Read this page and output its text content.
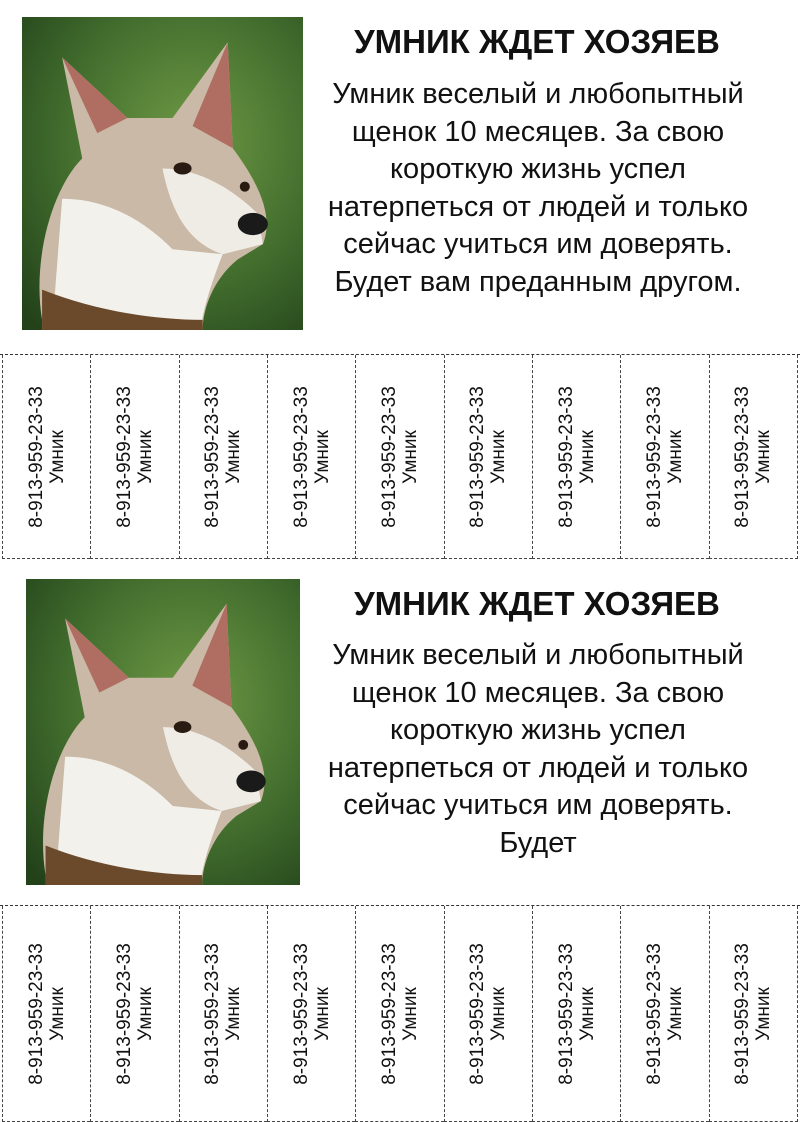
УМНИК ЖДЕТ ХОЗЯЕВ
Умник веселый и любопытный щенок 10 месяцев. За свою короткую жизнь успел натерпеться от людей и только сейчас учиться им доверять. Будет вам преданным другом.
8-913-959-23-33 Умник 8-913-959-23-33 Умник 8-913-959-23-33 Умник 8-913-959-23-33 Умник 8-913-959-23-33 Умник 8-913-959-23-33 Умник 8-913-959-23-33 Умник 8-913-959-23-33 Умник 8-913-959-23-33 Умник
УМНИК ЖДЕТ ХОЗЯЕВ
Умник веселый и любопытный щенок 10 месяцев. За свою короткую жизнь успел натерпеться от людей и только сейчас учиться им доверять. Будет
8-913-959-23-33 Умник 8-913-959-23-33 Умник 8-913-959-23-33 Умник 8-913-959-23-33 Умник 8-913-959-23-33 Умник 8-913-959-23-33 Умник 8-913-959-23-33 Умник 8-913-959-23-33 Умник 8-913-959-23-33 Умник
